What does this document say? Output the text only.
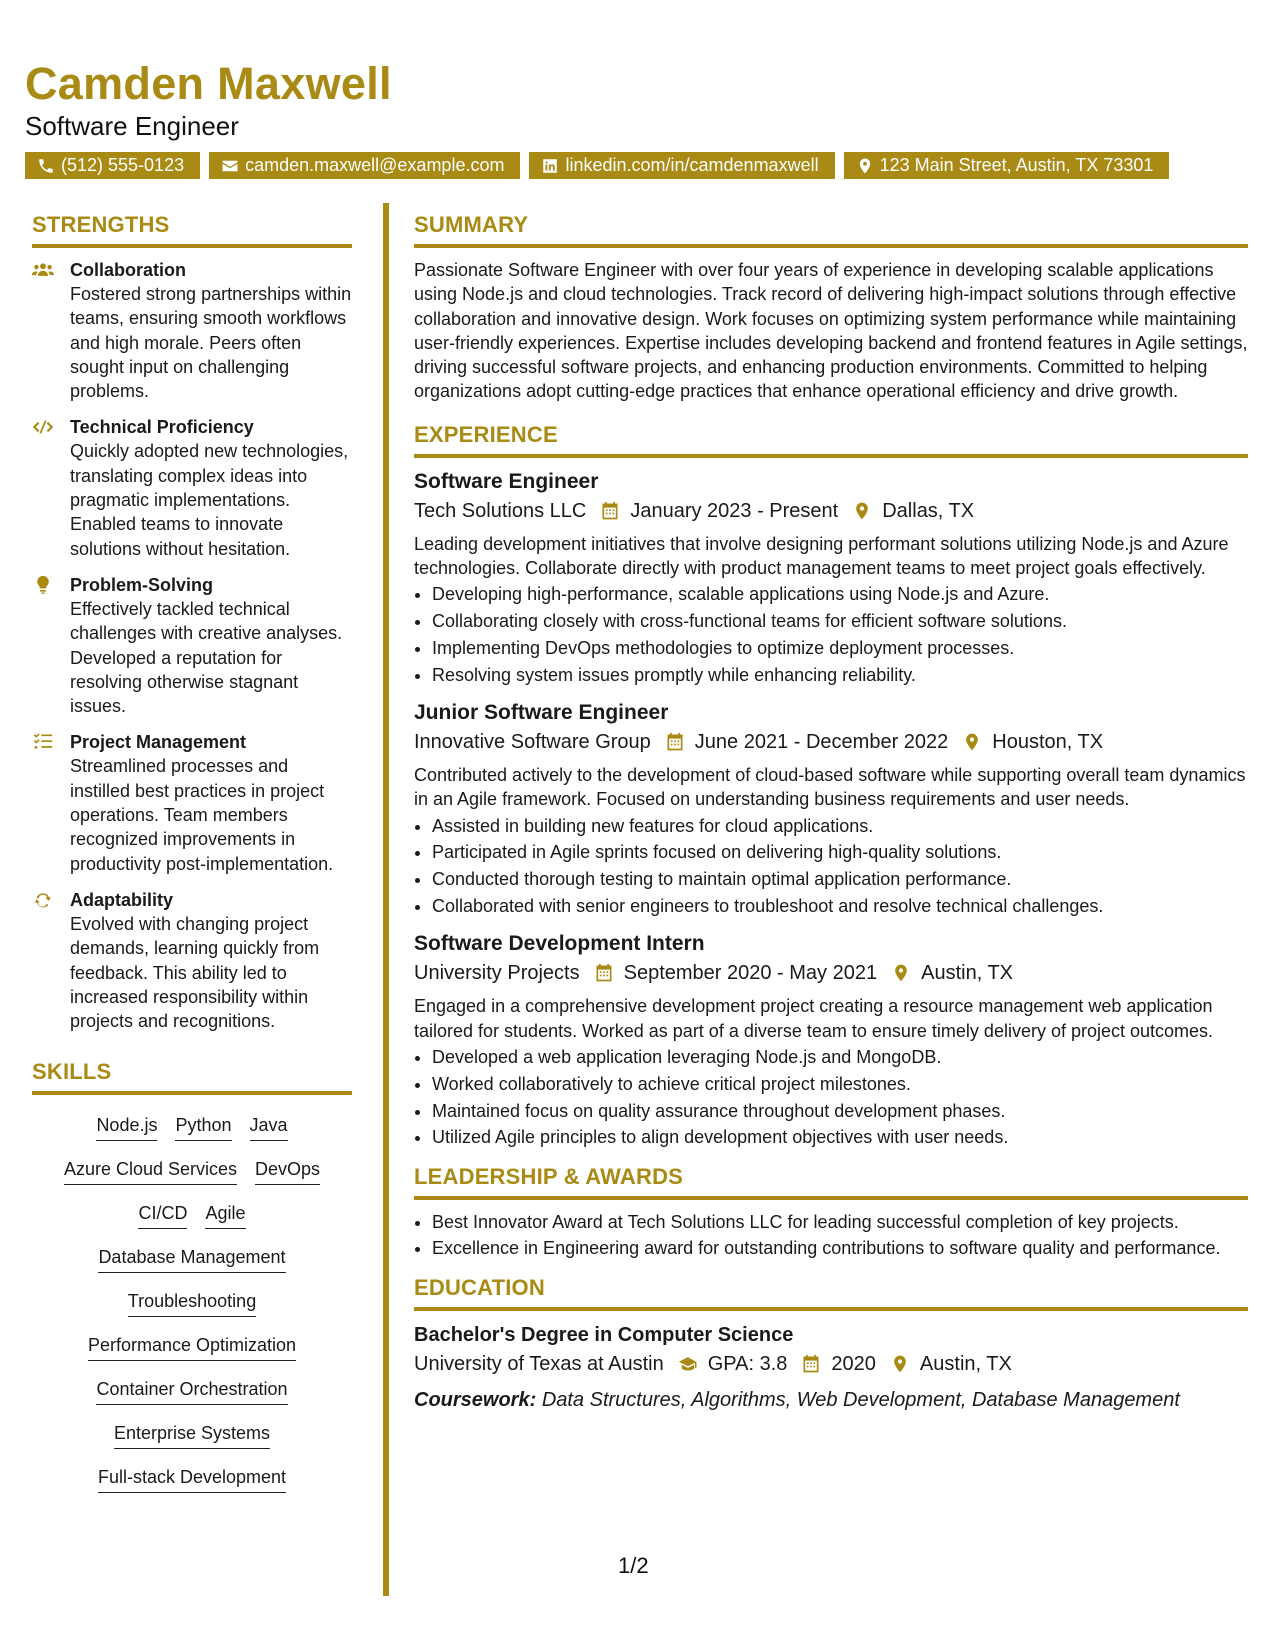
Camden Maxwell
Software Engineer
(512) 555-0123	camden.maxwell@example.com	linkedin.com/in/camdenmaxwell	123 Main Street, Austin, TX 73301
STRENGTHS
Collaboration
Fostered strong partnerships within teams, ensuring smooth workflows and high morale. Peers often sought input on challenging problems.
Technical Proficiency
Quickly adopted new technologies, translating complex ideas into pragmatic implementations. Enabled teams to innovate solutions without hesitation.
Problem-Solving
Effectively tackled technical challenges with creative analyses. Developed a reputation for resolving otherwise stagnant issues.
Project Management
Streamlined processes and instilled best practices in project operations. Team members recognized improvements in productivity post-implementation.
Adaptability
Evolved with changing project demands, learning quickly from feedback. This ability led to increased responsibility within projects and recognitions.
SKILLS
Node.js Python Java
Azure Cloud Services DevOps
CI/CD Agile
Database Management
Troubleshooting
Performance Optimization
Container Orchestration
Enterprise Systems
Full-stack Development
SUMMARY
Passionate Software Engineer with over four years of experience in developing scalable applications using Node.js and cloud technologies. Track record of delivering high-impact solutions through effective collaboration and innovative design. Work focuses on optimizing system performance while maintaining user-friendly experiences. Expertise includes developing backend and frontend features in Agile settings, driving successful software projects, and enhancing production environments. Committed to helping organizations adopt cutting-edge practices that enhance operational efficiency and drive growth.
EXPERIENCE
Software Engineer
Tech Solutions LLC January 2023 - Present Dallas, TX
Leading development initiatives that involve designing performant solutions utilizing Node.js and Azure technologies. Collaborate directly with product management teams to meet project goals effectively.
• Developing high-performance, scalable applications using Node.js and Azure.
• Collaborating closely with cross-functional teams for efficient software solutions.
• Implementing DevOps methodologies to optimize deployment processes.
• Resolving system issues promptly while enhancing reliability.
Junior Software Engineer
Innovative Software Group June 2021 - December 2022 Houston, TX
Contributed actively to the development of cloud-based software while supporting overall team dynamics in an Agile framework. Focused on understanding business requirements and user needs.
• Assisted in building new features for cloud applications.
• Participated in Agile sprints focused on delivering high-quality solutions.
• Conducted thorough testing to maintain optimal application performance.
• Collaborated with senior engineers to troubleshoot and resolve technical challenges.
Software Development Intern
University Projects September 2020 - May 2021 Austin, TX
Engaged in a comprehensive development project creating a resource management web application tailored for students. Worked as part of a diverse team to ensure timely delivery of project outcomes.
• Developed a web application leveraging Node.js and MongoDB.
• Worked collaboratively to achieve critical project milestones.
• Maintained focus on quality assurance throughout development phases.
• Utilized Agile principles to align development objectives with user needs.
LEADERSHIP & AWARDS
• Best Innovator Award at Tech Solutions LLC for leading successful completion of key projects.
• Excellence in Engineering award for outstanding contributions to software quality and performance.
EDUCATION
Bachelor's Degree in Computer Science
University of Texas at Austin GPA: 3.8 2020 Austin, TX
Coursework: Data Structures, Algorithms, Web Development, Database Management
1/2
